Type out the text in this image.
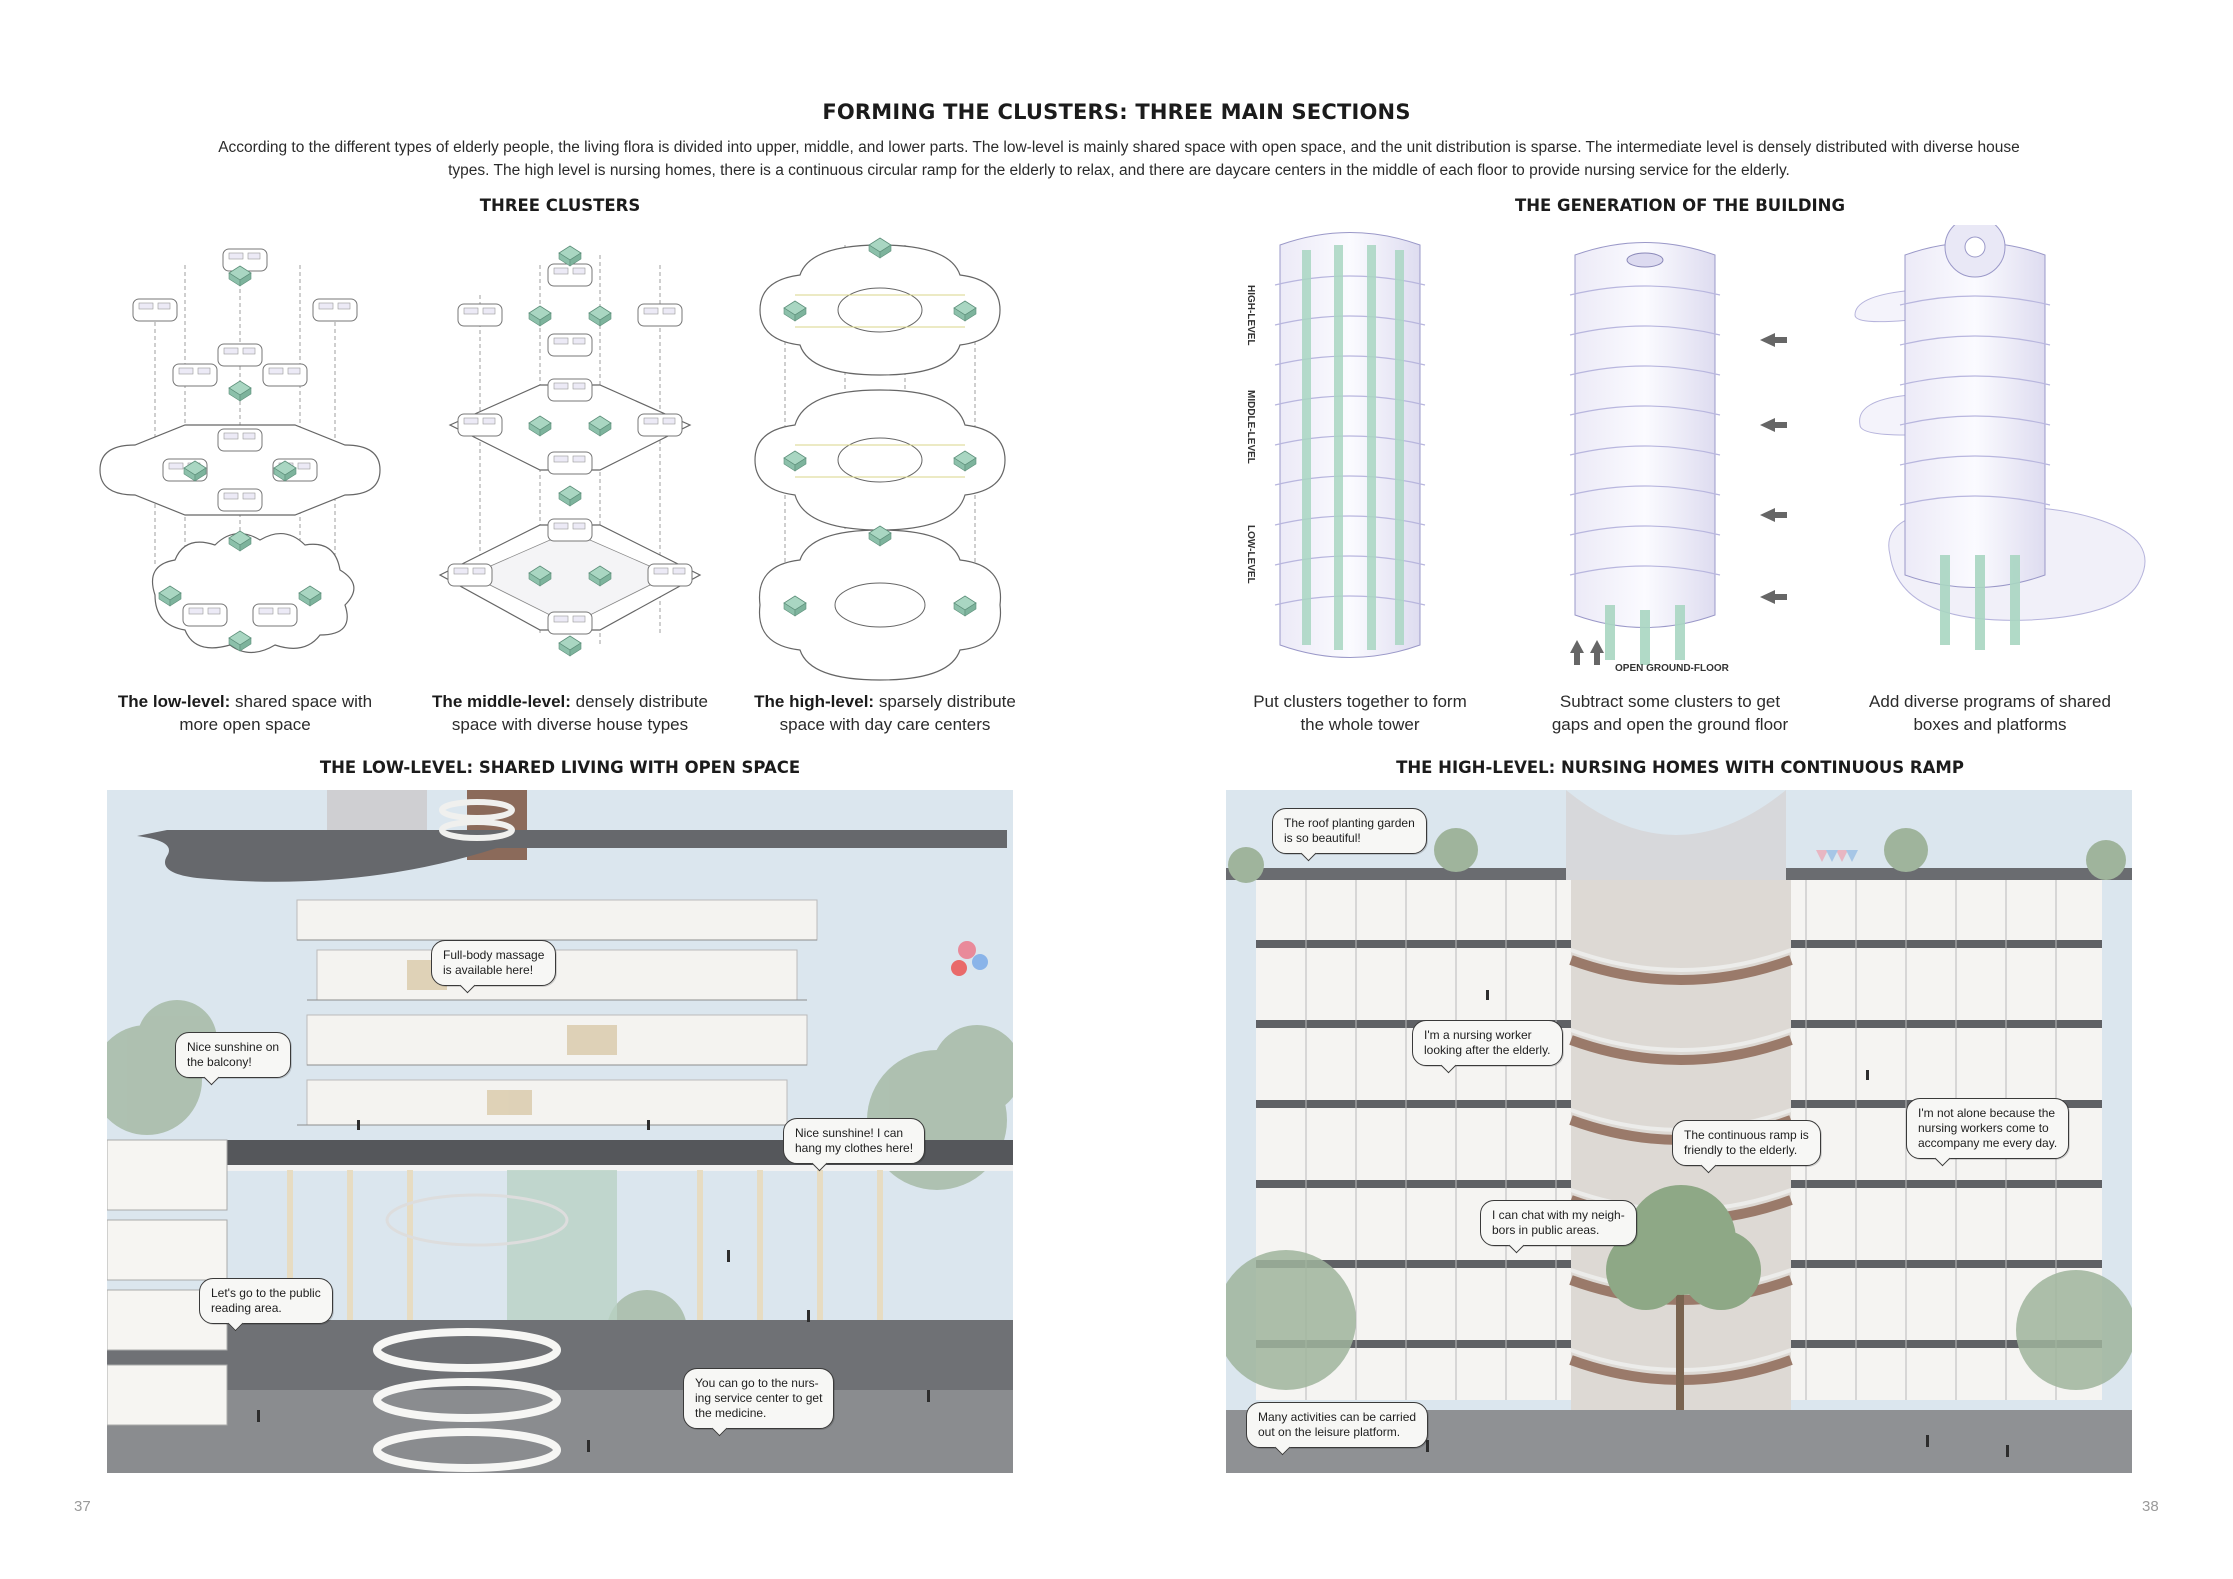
FORMING THE CLUSTERS: THREE MAIN SECTIONS
According to the different types of elderly people, the living flora is divided into upper, middle, and lower parts. The low-level is mainly shared space with open space, and the unit distribution is sparse. The intermediate level is densely distributed with diverse house
types. The high level is nursing homes, there is a continuous circular ramp for the elderly to relax, and there are daycare centers in the middle of each floor to provide nursing service for the elderly.
THREE CLUSTERS	THE GENERATION OF THE BUILDING
THE LOW-LEVEL: SHARED LIVING WITH OPEN SPACE	THE HIGH-LEVEL: NURSING HOMES WITH CONTINUOUS RAMP
The low-level: shared space with
more open space
The middle-level: densely distribute
space with diverse house types
The high-level: sparsely distribute
space with day care centers
HIGH-LEVEL
MIDDLE-LEVEL
LOW-LEVEL
OPEN GROUND-FLOOR
Put clusters together to form
the whole tower
Subtract some clusters to get
gaps and open the ground floor
Add diverse programs of shared
boxes and platforms
Full-body massage
is available here!
Nice sunshine on
the balcony!
Nice sunshine! I can
hang my clothes here!
Let's go to the public
reading area.
You can go to the nurs-
ing service center to get
the medicine.
The roof planting garden
is so beautiful!
I'm a nursing worker
looking after the elderly.
The continuous ramp is
friendly to the elderly.
I'm not alone because the
nursing workers come to
accompany me every day.
I can chat with my neigh-
bors in public areas.
Many activities can be carried
out on the leisure platform.
37	38
